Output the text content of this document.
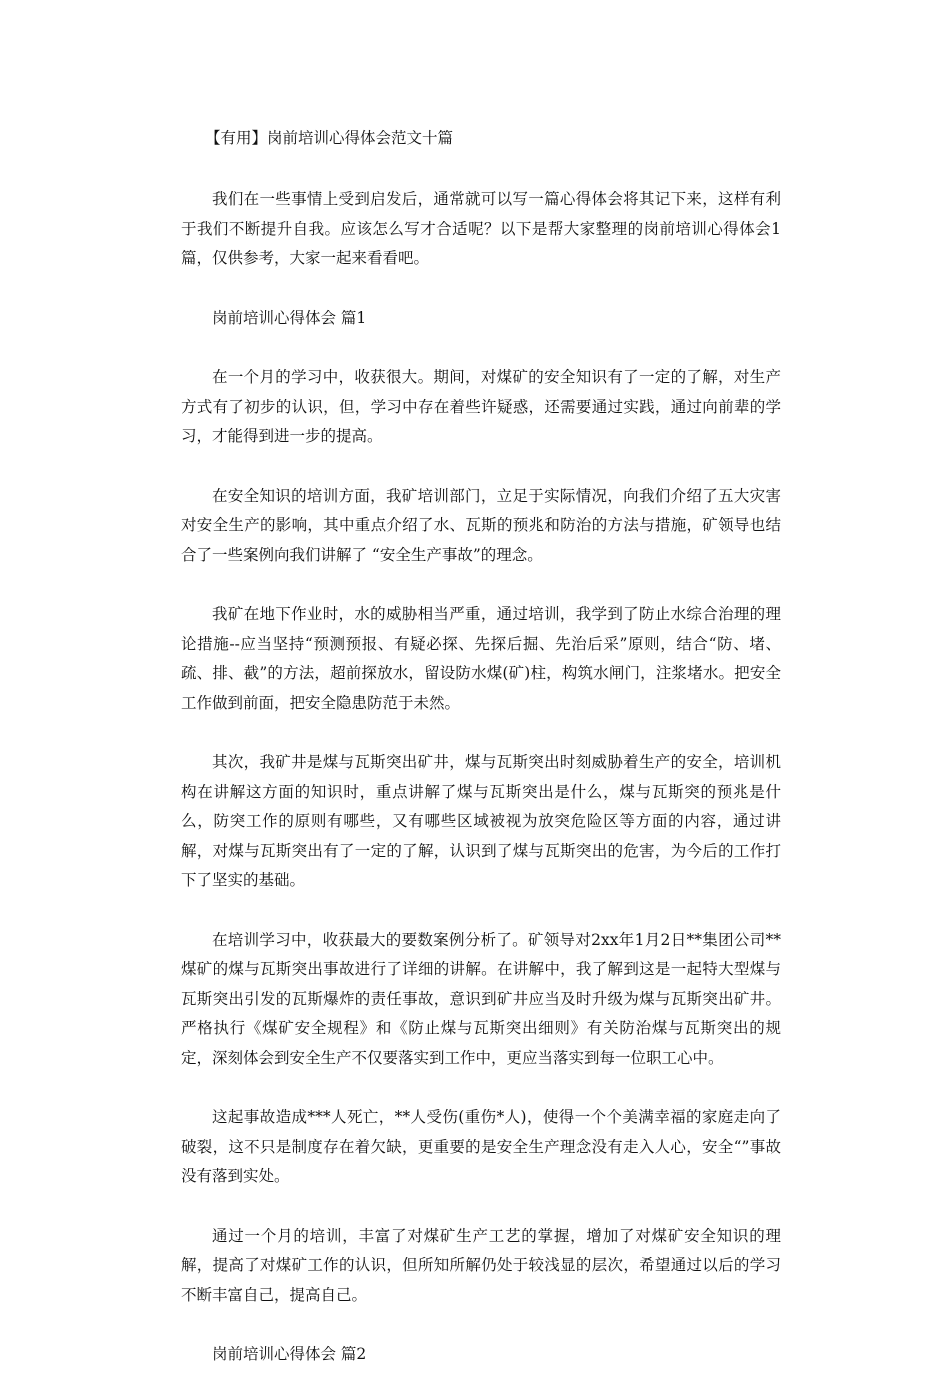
【有用】岗前培训心得体会范文十篇

我们在一些事情上受到启发后，通常就可以写一篇心得体会将其记下来，这样有利于我们不断提升自我。应该怎么写才合适呢？以下是帮大家整理的岗前培训心得体会1篇，仅供参考，大家一起来看看吧。

岗前培训心得体会 篇1

在一个月的学习中，收获很大。期间，对煤矿的安全知识有了一定的了解，对生产方式有了初步的认识，但，学习中存在着些许疑惑，还需要通过实践，通过向前辈的学习，才能得到进一步的提高。

在安全知识的培训方面，我矿培训部门，立足于实际情况，向我们介绍了五大灾害对安全生产的影响，其中重点介绍了水、瓦斯的预兆和防治的方法与措施，矿领导也结合了一些案例向我们讲解了 “安全生产事故”的理念。

我矿在地下作业时，水的威胁相当严重，通过培训，我学到了防止水综合治理的理论措施--应当坚持“预测预报、有疑必探、先探后掘、先治后采”原则，结合“防、堵、疏、排、截”的方法，超前探放水，留设防水煤(矿)柱，构筑水闸门，注浆堵水。把安全工作做到前面，把安全隐患防范于未然。

其次，我矿井是煤与瓦斯突出矿井，煤与瓦斯突出时刻威胁着生产的安全，培训机构在讲解这方面的知识时，重点讲解了煤与瓦斯突出是什么，煤与瓦斯突的预兆是什么，防突工作的原则有哪些，又有哪些区域被视为放突危险区等方面的内容，通过讲解，对煤与瓦斯突出有了一定的了解，认识到了煤与瓦斯突出的危害，为今后的工作打下了坚实的基础。

在培训学习中，收获最大的要数案例分析了。矿领导对2xx年1月2日**集团公司**煤矿的煤与瓦斯突出事故进行了详细的讲解。在讲解中，我了解到这是一起特大型煤与瓦斯突出引发的瓦斯爆炸的责任事故，意识到矿井应当及时升级为煤与瓦斯突出矿井。严格执行《煤矿安全规程》和《防止煤与瓦斯突出细则》有关防治煤与瓦斯突出的规定，深刻体会到安全生产不仅要落实到工作中，更应当落实到每一位职工心中。

这起事故造成***人死亡，**人受伤(重伤*人)，使得一个个美满幸福的家庭走向了破裂，这不只是制度存在着欠缺，更重要的是安全生产理念没有走入人心，安全“”事故没有落到实处。

通过一个月的培训，丰富了对煤矿生产工艺的掌握，增加了对煤矿安全知识的理解，提高了对煤矿工作的认识，但所知所解仍处于较浅显的层次，希望通过以后的学习不断丰富自己，提高自己。

岗前培训心得体会 篇2
